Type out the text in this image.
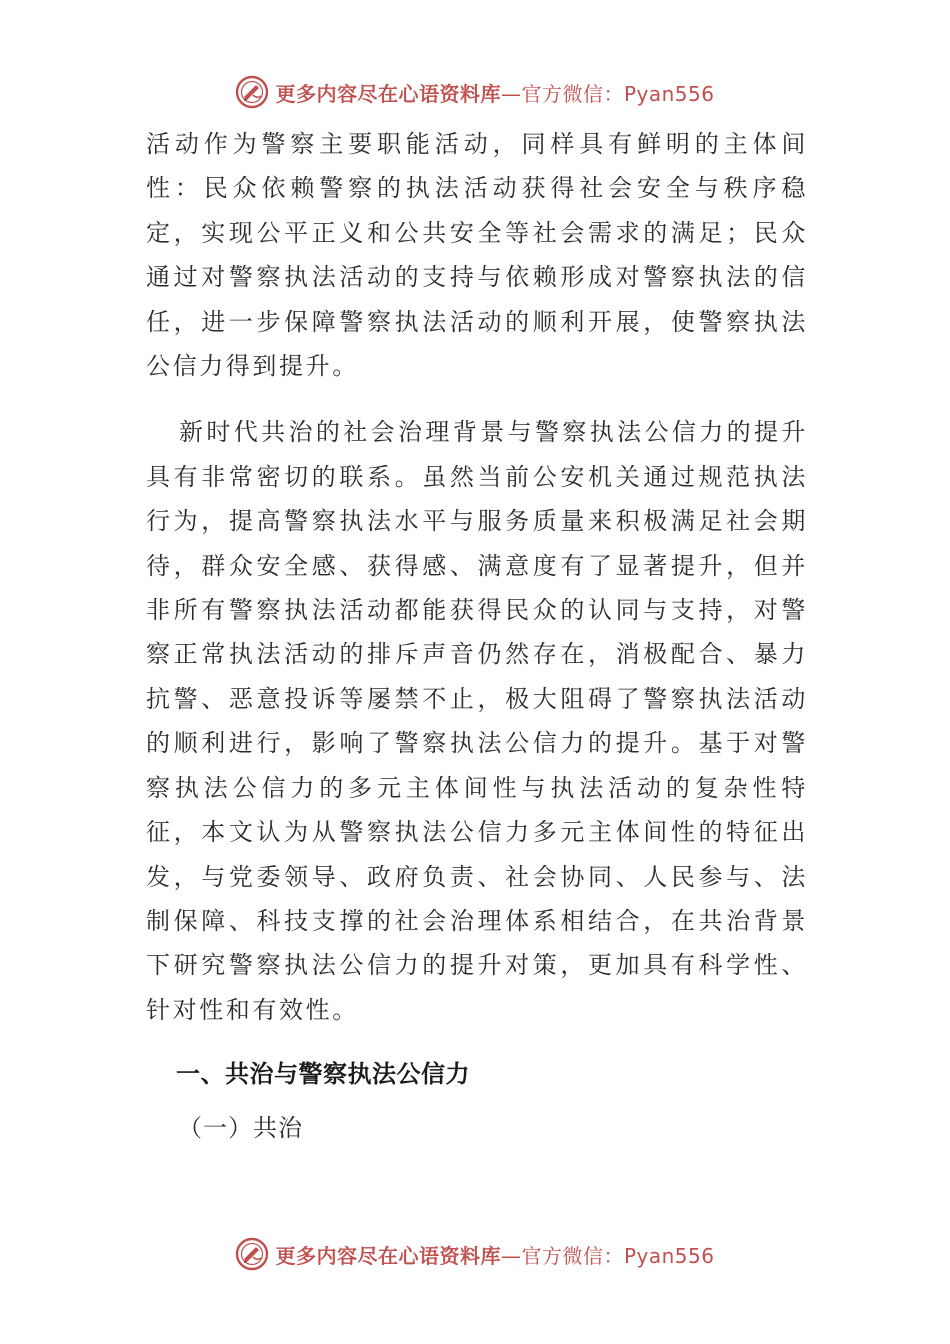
更多内容尽在心语资料库—官方微信：Pyan556

活动作为警察主要职能活动，同样具有鲜明的主体间性：民众依赖警察的执法活动获得社会安全与秩序稳定，实现公平正义和公共安全等社会需求的满足；民众通过对警察执法活动的支持与依赖形成对警察执法的信任，进一步保障警察执法活动的顺利开展，使警察执法公信力得到提升。

新时代共治的社会治理背景与警察执法公信力的提升具有非常密切的联系。虽然当前公安机关通过规范执法行为，提高警察执法水平与服务质量来积极满足社会期待，群众安全感、获得感、满意度有了显著提升，但并非所有警察执法活动都能获得民众的认同与支持，对警察正常执法活动的排斥声音仍然存在，消极配合、暴力抗警、恶意投诉等屡禁不止，极大阻碍了警察执法活动的顺利进行，影响了警察执法公信力的提升。基于对警察执法公信力的多元主体间性与执法活动的复杂性特征，本文认为从警察执法公信力多元主体间性的特征出发，与党委领导、政府负责、社会协同、人民参与、法制保障、科技支撑的社会治理体系相结合，在共治背景下研究警察执法公信力的提升对策，更加具有科学性、针对性和有效性。

一、共治与警察执法公信力
（一）共治
更多内容尽在心语资料库—官方微信：Pyan556
